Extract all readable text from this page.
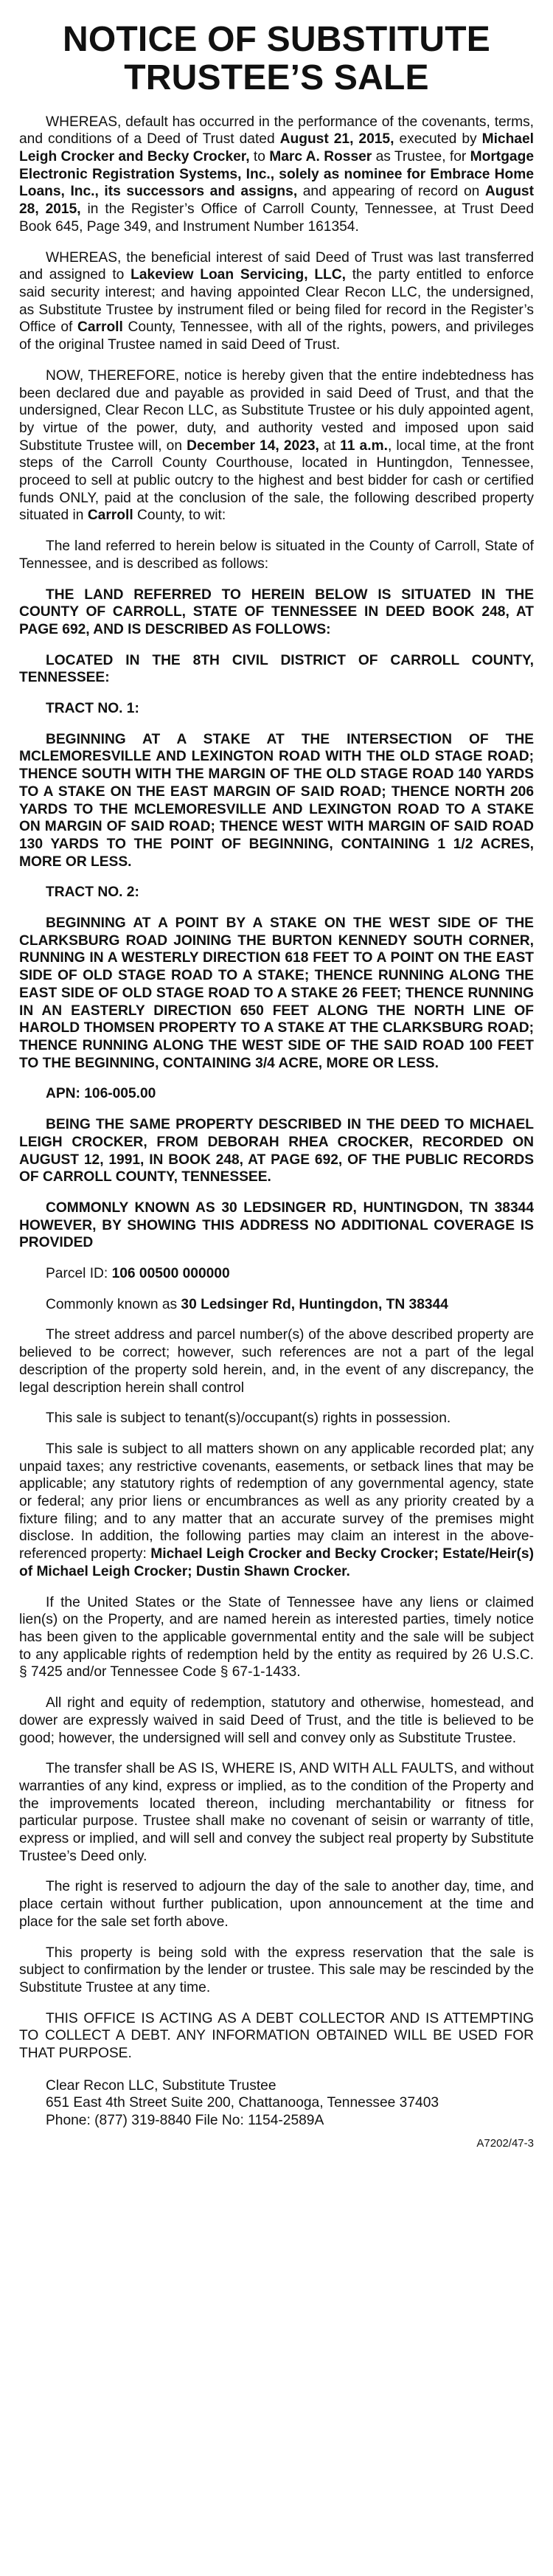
NOTICE OF SUBSTITUTE TRUSTEE’S SALE

WHEREAS, default has occurred in the performance of the covenants, terms, and conditions of a Deed of Trust dated August 21, 2015, executed by Michael Leigh Crocker and Becky Crocker, to Marc A. Rosser as Trustee, for Mortgage Electronic Registration Systems, Inc., solely as nominee for Embrace Home Loans, Inc., its successors and assigns, and appearing of record on August 28, 2015, in the Register’s Office of Carroll County, Tennessee, at Trust Deed Book 645, Page 349, and Instrument Number 161354.

WHEREAS, the beneficial interest of said Deed of Trust was last transferred and assigned to Lakeview Loan Servicing, LLC, the party entitled to enforce said security interest; and having appointed Clear Recon LLC, the undersigned, as Substitute Trustee by instrument filed or being filed for record in the Register’s Office of Carroll County, Tennessee, with all of the rights, powers, and privileges of the original Trustee named in said Deed of Trust.

NOW, THEREFORE, notice is hereby given that the entire indebtedness has been declared due and payable as provided in said Deed of Trust, and that the undersigned, Clear Recon LLC, as Substitute Trustee or his duly appointed agent, by virtue of the power, duty, and authority vested and imposed upon said Substitute Trustee will, on December 14, 2023, at 11 a.m., local time, at the front steps of the Carroll County Courthouse, located in Huntingdon, Tennessee, proceed to sell at public outcry to the highest and best bidder for cash or certified funds ONLY, paid at the conclusion of the sale, the following described property situated in Carroll County, to wit:

The land referred to herein below is situated in the County of Carroll, State of Tennessee, and is described as follows:

THE LAND REFERRED TO HEREIN BELOW IS SITUATED IN THE COUNTY OF CARROLL, STATE OF TENNESSEE IN DEED BOOK 248, AT PAGE 692, AND IS DESCRIBED AS FOLLOWS:

LOCATED IN THE 8TH CIVIL DISTRICT OF CARROLL COUNTY, TENNESSEE:

TRACT NO. 1:

BEGINNING AT A STAKE AT THE INTERSECTION OF THE MCLEMORESVILLE AND LEXINGTON ROAD WITH THE OLD STAGE ROAD; THENCE SOUTH WITH THE MARGIN OF THE OLD STAGE ROAD 140 YARDS TO A STAKE ON THE EAST MARGIN OF SAID ROAD; THENCE NORTH 206 YARDS TO THE MCLEMORESVILLE AND LEXINGTON ROAD TO A STAKE ON MARGIN OF SAID ROAD; THENCE WEST WITH MARGIN OF SAID ROAD 130 YARDS TO THE POINT OF BEGINNING, CONTAINING 1 1/2 ACRES, MORE OR LESS.

TRACT NO. 2:

BEGINNING AT A POINT BY A STAKE ON THE WEST SIDE OF THE CLARKSBURG ROAD JOINING THE BURTON KENNEDY SOUTH CORNER, RUNNING IN A WESTERLY DIRECTION 618 FEET TO A POINT ON THE EAST SIDE OF OLD STAGE ROAD TO A STAKE; THENCE RUNNING ALONG THE EAST SIDE OF OLD STAGE ROAD TO A STAKE 26 FEET; THENCE RUNNING IN AN EASTERLY DIRECTION 650 FEET ALONG THE NORTH LINE OF HAROLD THOMSEN PROPERTY TO A STAKE AT THE CLARKSBURG ROAD; THENCE RUNNING ALONG THE WEST SIDE OF THE SAID ROAD 100 FEET TO THE BEGINNING, CONTAINING 3/4 ACRE, MORE OR LESS.

APN: 106-005.00

BEING THE SAME PROPERTY DESCRIBED IN THE DEED TO MICHAEL LEIGH CROCKER, FROM DEBORAH RHEA CROCKER, RECORDED ON AUGUST 12, 1991, IN BOOK 248, AT PAGE 692, OF THE PUBLIC RECORDS OF CARROLL COUNTY, TENNESSEE.

COMMONLY KNOWN AS 30 LEDSINGER RD, HUNTINGDON, TN 38344 HOWEVER, BY SHOWING THIS ADDRESS NO ADDITIONAL COVERAGE IS PROVIDED

Parcel ID: 106 00500 000000

Commonly known as 30 Ledsinger Rd, Huntingdon, TN 38344

The street address and parcel number(s) of the above described property are believed to be correct; however, such references are not a part of the legal description of the property sold herein, and, in the event of any discrepancy, the legal description herein shall control

This sale is subject to tenant(s)/occupant(s) rights in possession.

This sale is subject to all matters shown on any applicable recorded plat; any unpaid taxes; any restrictive covenants, easements, or setback lines that may be applicable; any statutory rights of redemption of any governmental agency, state or federal; any prior liens or encumbrances as well as any priority created by a fixture filing; and to any matter that an accurate survey of the premises might disclose. In addition, the following parties may claim an interest in the above-referenced property: Michael Leigh Crocker and Becky Crocker; Estate/Heir(s) of Michael Leigh Crocker; Dustin Shawn Crocker.

If the United States or the State of Tennessee have any liens or claimed lien(s) on the Property, and are named herein as interested parties, timely notice has been given to the applicable governmental entity and the sale will be subject to any applicable rights of redemption held by the entity as required by 26 U.S.C. § 7425 and/or Tennessee Code § 67-1-1433.

All right and equity of redemption, statutory and otherwise, homestead, and dower are expressly waived in said Deed of Trust, and the title is believed to be good; however, the undersigned will sell and convey only as Substitute Trustee.

The transfer shall be AS IS, WHERE IS, AND WITH ALL FAULTS, and without warranties of any kind, express or implied, as to the condition of the Property and the improvements located thereon, including merchantability or fitness for particular purpose. Trustee shall make no covenant of seisin or warranty of title, express or implied, and will sell and convey the subject real property by Substitute Trustee’s Deed only.

The right is reserved to adjourn the day of the sale to another day, time, and place certain without further publication, upon announcement at the time and place for the sale set forth above.

This property is being sold with the express reservation that the sale is subject to confirmation by the lender or trustee. This sale may be rescinded by the Substitute Trustee at any time.

THIS OFFICE IS ACTING AS A DEBT COLLECTOR AND IS ATTEMPTING TO COLLECT A DEBT. ANY INFORMATION OBTAINED WILL BE USED FOR THAT PURPOSE.

Clear Recon LLC, Substitute Trustee

651 East 4th Street Suite 200, Chattanooga, Tennessee 37403

Phone: (877) 319-8840 File No: 1154-2589A

A7202/47-3
